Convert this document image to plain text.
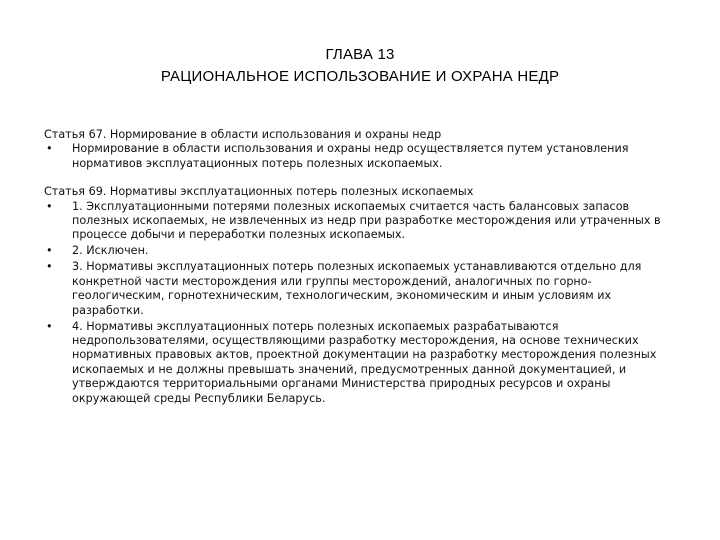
ГЛАВА 13
РАЦИОНАЛЬНОЕ ИСПОЛЬЗОВАНИЕ И ОХРАНА НЕДР
Статья 67. Нормирование в области использования и охраны недр
•	Нормирование в области использования и охраны недр осуществляется путем установления нормативов эксплуатационных потерь полезных ископаемых.
Статья 69. Нормативы эксплуатационных потерь полезных ископаемых
•	1. Эксплуатационными потерями полезных ископаемых считается часть балансовых запасов полезных ископаемых, не извлеченных из недр при разработке месторождения или утраченных в процессе добычи и переработки полезных ископаемых.
•	2. Исключен.
•	3. Нормативы эксплуатационных потерь полезных ископаемых устанавливаются отдельно для конкретной части месторождения или группы месторождений, аналогичных по горно-геологическим, горнотехническим, технологическим, экономическим и иным условиям их разработки.
•	4. Нормативы эксплуатационных потерь полезных ископаемых разрабатываются недропользователями, осуществляющими разработку месторождения, на основе технических нормативных правовых актов, проектной документации на разработку месторождения полезных ископаемых и не должны превышать значений, предусмотренных данной документацией, и утверждаются территориальными органами Министерства природных ресурсов и охраны окружающей среды Республики Беларусь.
